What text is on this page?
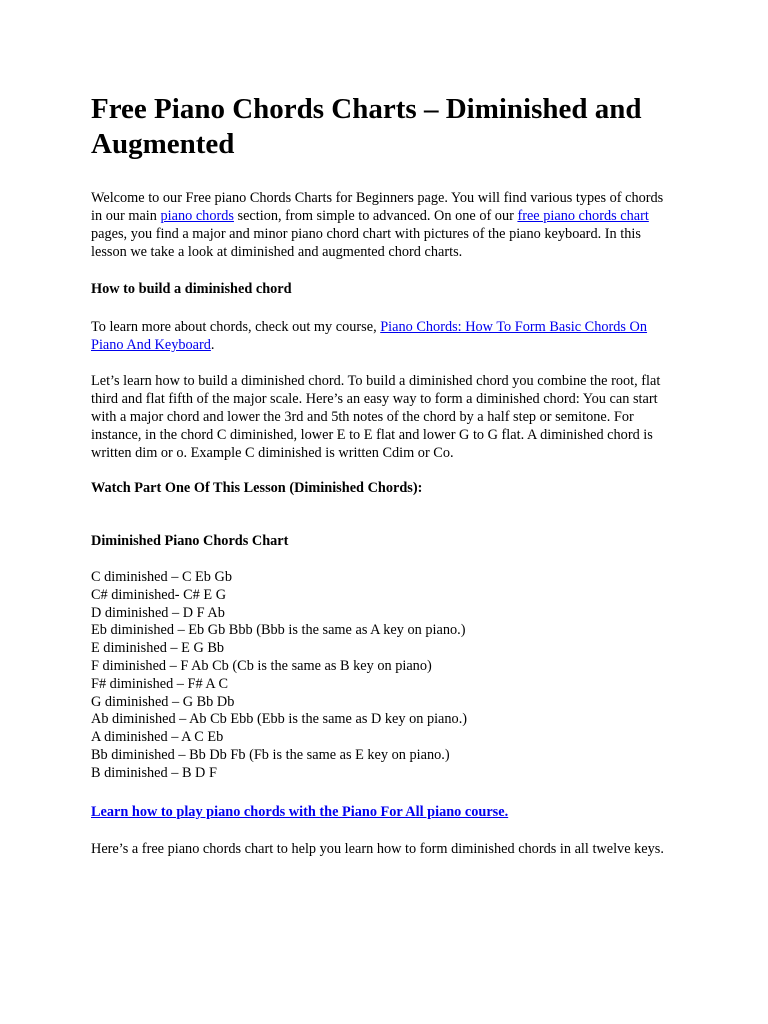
Free Piano Chords Charts – Diminished and Augmented

Welcome to our Free piano Chords Charts for Beginners page. You will find various types of chords in our main piano chords section, from simple to advanced. On one of our free piano chords chart pages, you find a major and minor piano chord chart with pictures of the piano keyboard. In this lesson we take a look at diminished and augmented chord charts.

How to build a diminished chord

To learn more about chords, check out my course, Piano Chords: How To Form Basic Chords On Piano And Keyboard.

Let’s learn how to build a diminished chord. To build a diminished chord you combine the root, flat third and flat fifth of the major scale. Here’s an easy way to form a diminished chord: You can start with a major chord and lower the 3rd and 5th notes of the chord by a half step or semitone. For instance, in the chord C diminished, lower E to E flat and lower G to G flat. A diminished chord is written dim or o. Example C diminished is written Cdim or Co.

Watch Part One Of This Lesson (Diminished Chords):

Diminished Piano Chords Chart

C diminished – C Eb Gb

C# diminished- C# E G

D diminished – D F Ab

Eb diminished – Eb Gb Bbb (Bbb is the same as A key on piano.)

E diminished – E G Bb

F diminished – F Ab Cb (Cb is the same as B key on piano)

F# diminished – F# A C

G diminished – G Bb Db

Ab diminished – Ab Cb Ebb (Ebb is the same as D key on piano.)

A diminished – A C Eb

Bb diminished – Bb Db Fb (Fb is the same as E key on piano.)

B diminished – B D F

Learn how to play piano chords with the Piano For All piano course.

Here’s a free piano chords chart to help you learn how to form diminished chords in all twelve keys.
